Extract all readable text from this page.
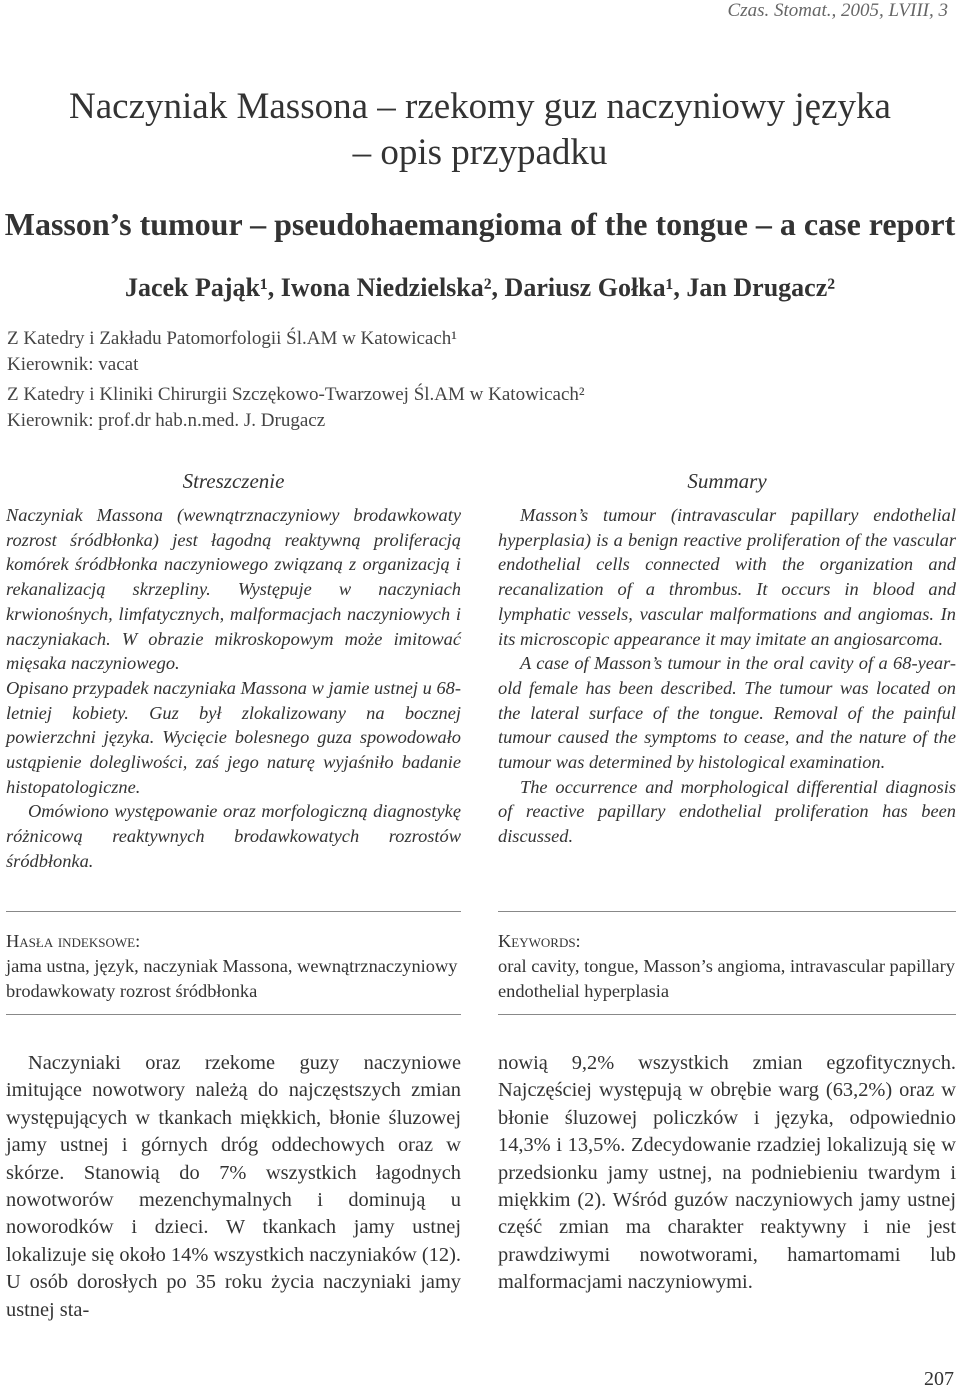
Czas. Stomat., 2005, LVIII, 3
Naczyniak Massona – rzekomy guz naczyniowy języka
– opis przypadku
Masson’s tumour – pseudohaemangioma of the tongue – a case report
Jacek Pająk¹, Iwona Niedzielska², Dariusz Gołka¹, Jan Drugacz²
Z Katedry i Zakładu Patomorfologii Śl.AM w Katowicach¹
Kierownik: vacat
Z Katedry i Kliniki Chirurgii Szczękowo-Twarzowej Śl.AM w Katowicach²
Kierownik: prof.dr hab.n.med. J. Drugacz
Streszczenie

Naczyniak Massona (wewnątrznaczyniowy brodawkowaty rozrost śródbłonka) jest łagodną reaktywną proliferacją komórek śródbłonka naczyniowego związaną z organizacją i rekanalizacją skrzepliny. Występuje w naczyniach krwionośnych, limfatycznych, malformacjach naczyniowych i naczyniakach. W obrazie mikroskopowym może imitować mięsaka naczyniowego.

Opisano przypadek naczyniaka Massona w jamie ustnej u 68-letniej kobiety. Guz był zlokalizowany na bocznej powierzchni języka. Wycięcie bolesnego guza spowodowało ustąpienie dolegliwości, zaś jego naturę wyjaśniło badanie histopatologiczne.

Omówiono występowanie oraz morfologiczną diagnostykę różnicową reaktywnych brodawkowatych rozrostów śródbłonka.

Summary

Masson’s tumour (intravascular papillary endothelial hyperplasia) is a benign reactive proliferation of the vascular endothelial cells connected with the organization and recanalization of a thrombus. It occurs in blood and lymphatic vessels, vascular malformations and angiomas. In its microscopic appearance it may imitate an angiosarcoma.

A case of Masson’s tumour in the oral cavity of a 68-year-old female has been described. The tumour was located on the lateral surface of the tongue. Removal of the painful tumour caused the symptoms to cease, and the nature of the tumour was determined by histological examination.

The occurrence and morphological differential diagnosis of reactive papillary endothelial proliferation has been discussed.

Hasła indeksowe:
jama ustna, język, naczyniak Massona, wewnątrznaczyniowy brodawkowaty rozrost śródbłonka
Keywords:
oral cavity, tongue, Masson’s angioma, intravascular papillary endothelial hyperplasia
Naczyniaki oraz rzekome guzy naczyniowe imitujące nowotwory należą do najczęstszych zmian występujących w tkankach miękkich, błonie śluzowej jamy ustnej i górnych dróg oddechowych oraz w skórze. Stanowią do 7% wszystkich łagodnych nowotworów mezenchymalnych i dominują u noworodków i dzieci. W tkankach jamy ustnej lokalizuje się około 14% wszystkich naczyniaków (12). U osób dorosłych po 35 roku życia naczyniaki jamy ustnej sta-
nowią 9,2% wszystkich zmian egzofitycznych. Najczęściej występują w obrębie warg (63,2%) oraz w błonie śluzowej policzków i języka, odpowiednio 14,3% i 13,5%. Zdecydowanie rzadziej lokalizują się w przedsionku jamy ustnej, na podniebieniu twardym i miękkim (2). Wśród guzów naczyniowych jamy ustnej część zmian ma charakter reaktywny i nie jest prawdziwymi nowotworami, hamartomami lub malformacjami naczyniowymi.
207
